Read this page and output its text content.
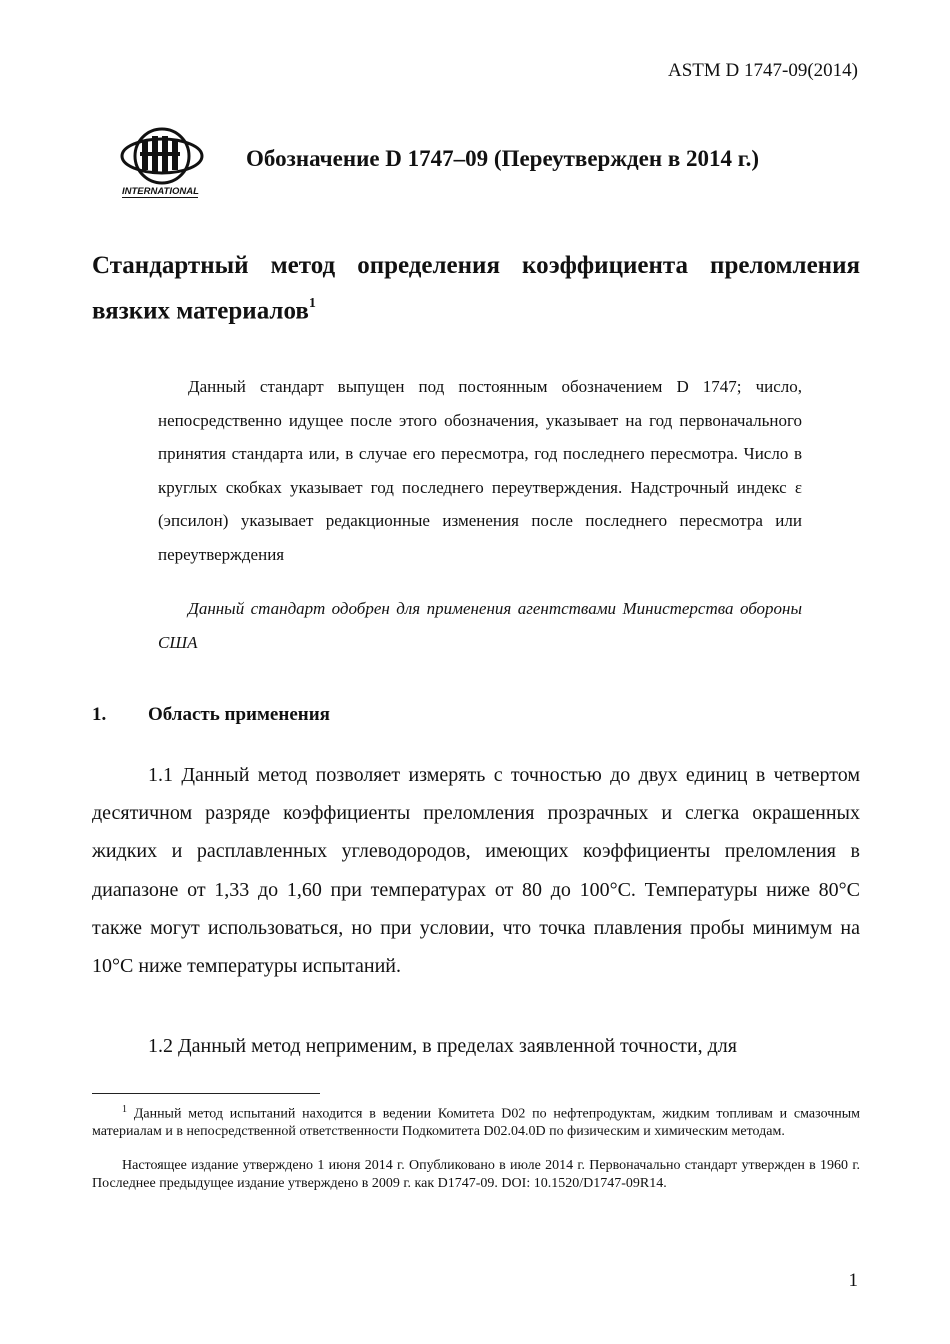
ASTM D 1747-09(2014)
INTERNATIONAL
Обозначение D 1747–09 (Переутвержден в 2014 г.)
Стандартный метод определения коэффициента преломления вязких материалов$^1$
Данный стандарт выпущен под постоянным обозначением D 1747; число, непосредственно идущее после этого обозначения, указывает на год первоначального принятия стандарта или, в случае его пересмотра, год последнего пересмотра. Число в круглых скобках указывает год последнего переутверждения. Надстрочный индекс ε (эпсилон) указывает редакционные изменения после последнего пересмотра или переутверждения
Данный стандарт одобрен для применения агентствами Министерства обороны США
1. Область применения
1.1 Данный метод позволяет измерять с точностью до двух единиц в четвертом десятичном разряде коэффициенты преломления прозрачных и слегка окрашенных жидких и расплавленных углеводородов, имеющих коэффициенты преломления в диапазоне от 1,33 до 1,60 при температурах от 80 до 100°C. Температуры ниже 80°C также могут использоваться, но при условии, что точка плавления пробы минимум на 10°C ниже температуры испытаний.
1.2 Данный метод неприменим, в пределах заявленной точности, для
$^1$ Данный метод испытаний находится в ведении Комитета D02 по нефтепродуктам, жидким топливам и смазочным материалам и в непосредственной ответственности Подкомитета D02.04.0D по физическим и химическим методам.
Настоящее издание утверждено 1 июня 2014 г. Опубликовано в июле 2014 г. Первоначально стандарт утвержден в 1960 г. Последнее предыдущее издание утверждено в 2009 г. как D1747-09. DOI: 10.1520/D1747-09R14.
1
